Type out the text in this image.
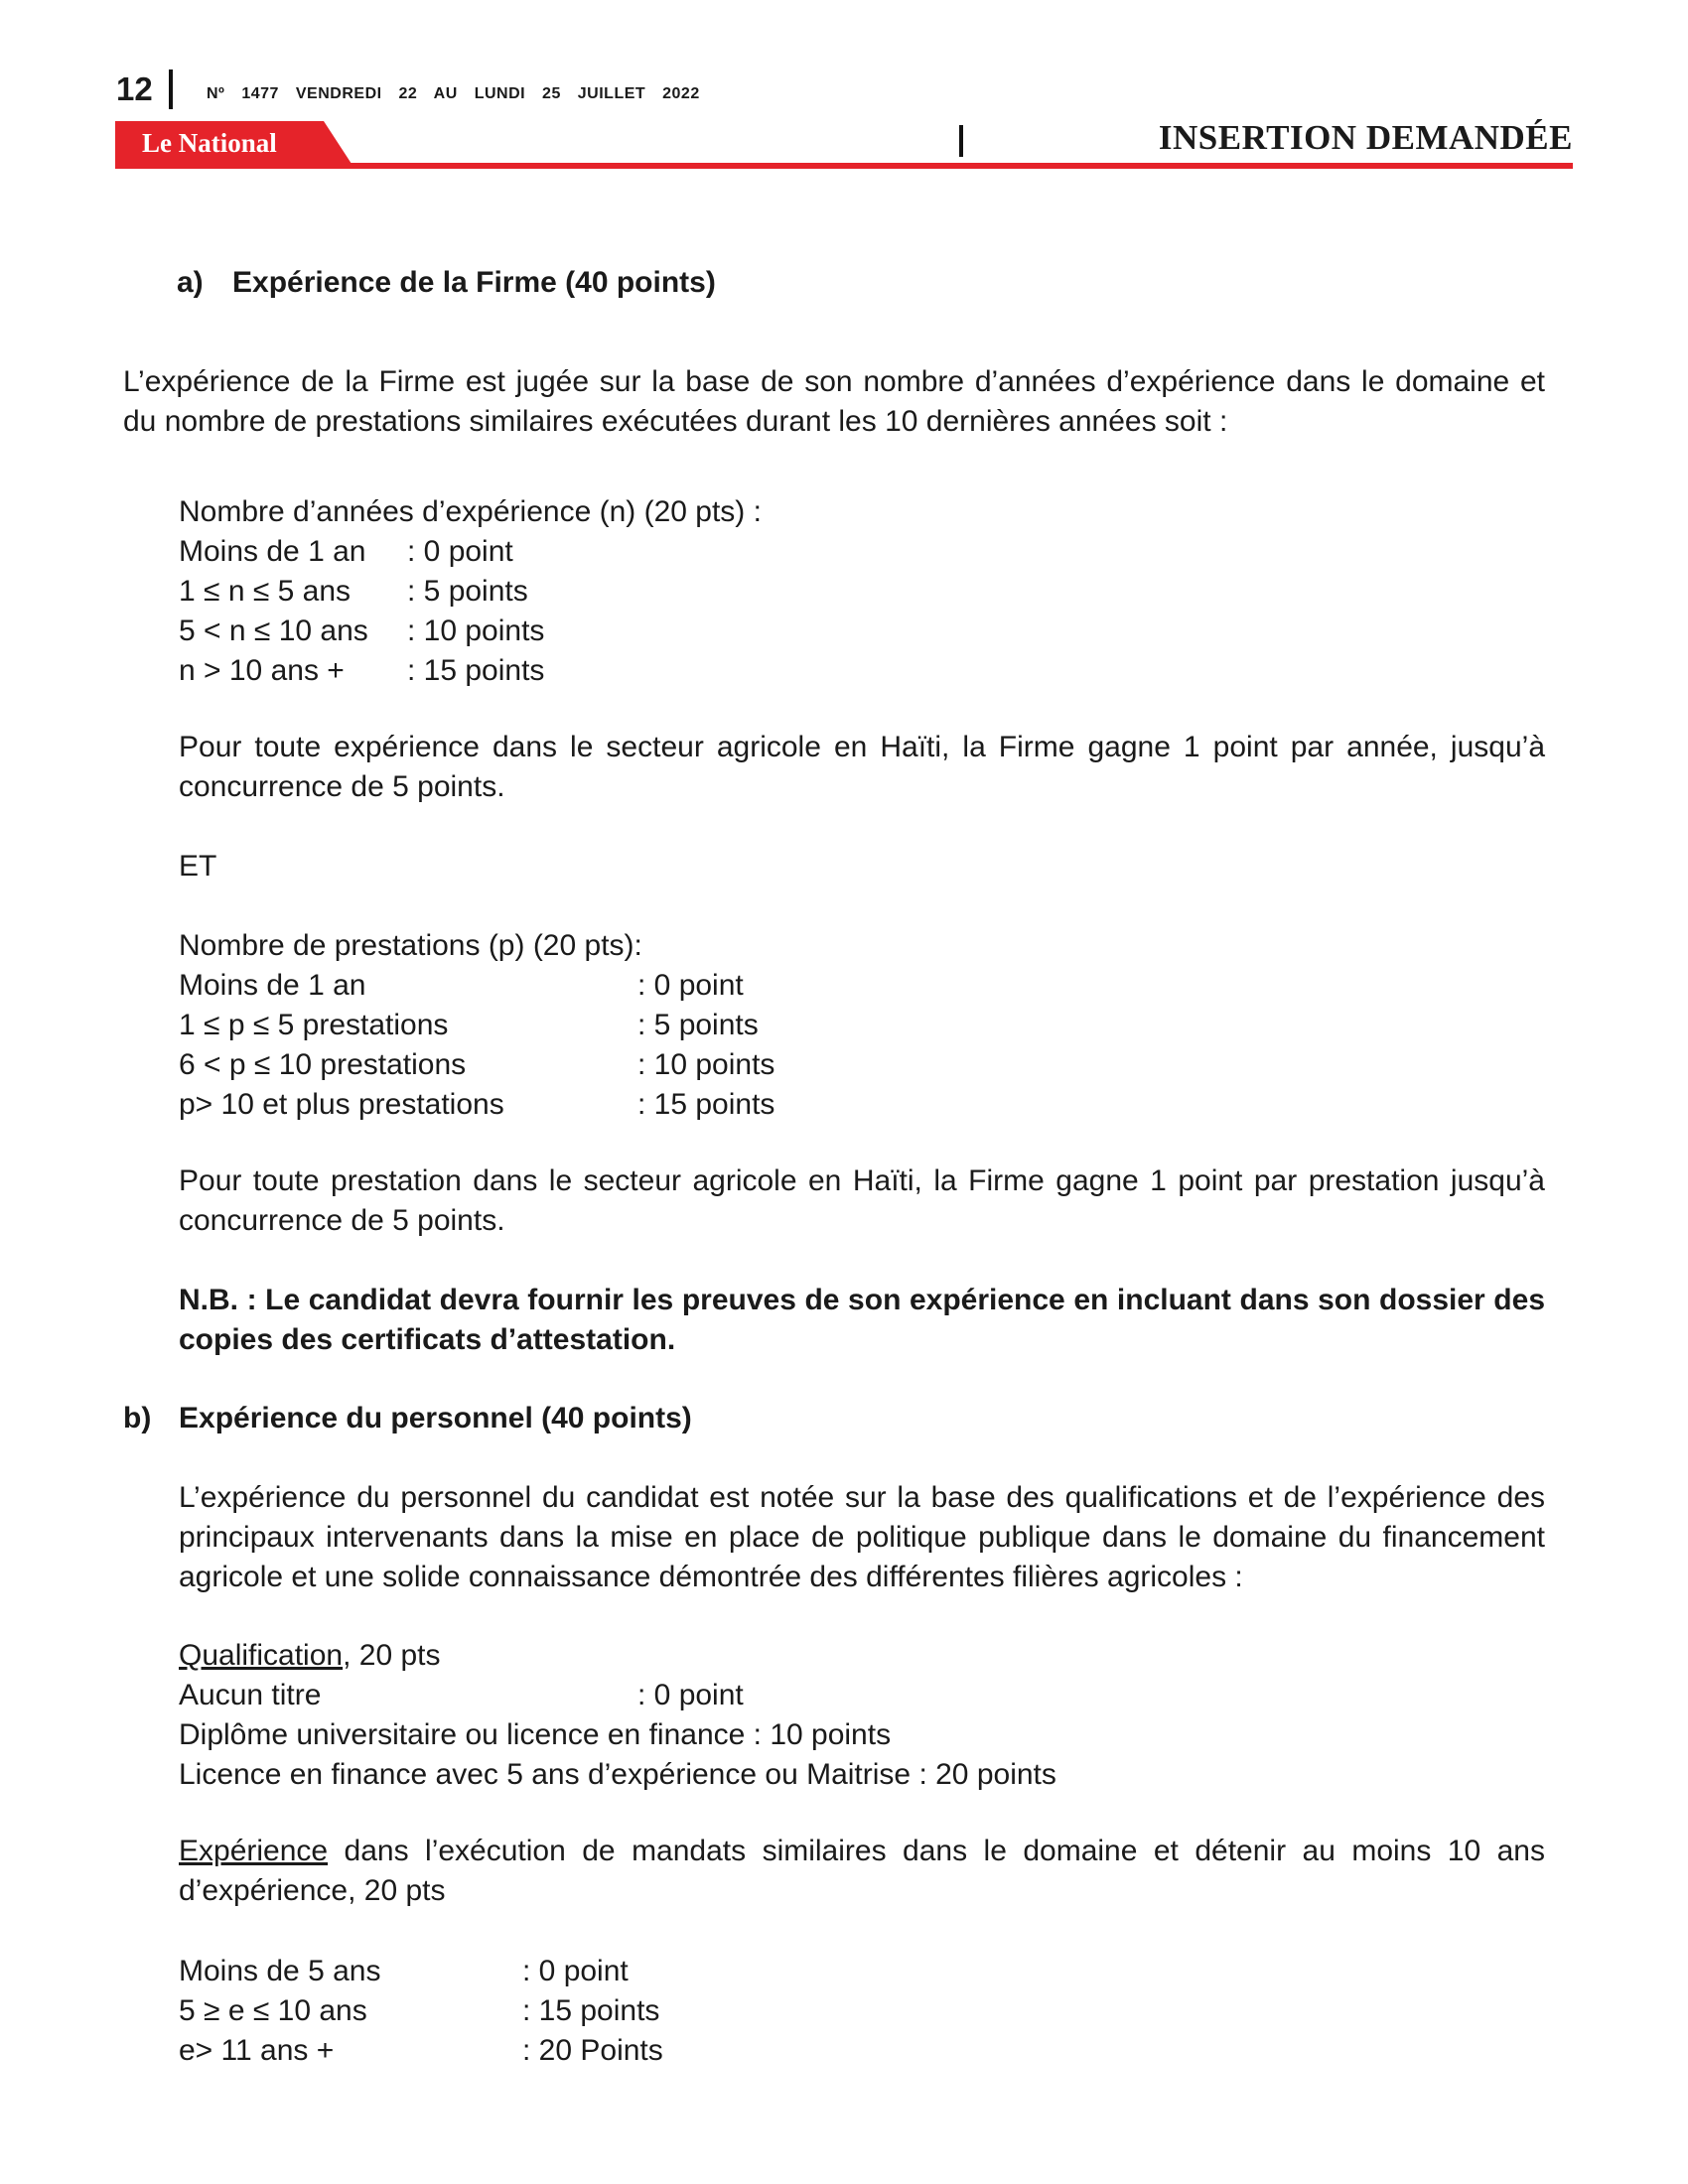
12	Nº 1477 VENDREDI 22 AU LUNDI 25 JUILLET 2022
Le National	INSERTION DEMANDÉE
a) Expérience de la Firme (40 points)
L’expérience de la Firme est jugée sur la base de son nombre d’années d’expérience dans le domaine et du nombre de prestations similaires exécutées durant les 10 dernières années soit :
Nombre d’années d’expérience (n) (20 pts) :
Moins de 1 an : 0 point
1 ≤ n ≤ 5 ans : 5 points
5 < n ≤ 10 ans : 10 points
n > 10 ans + : 15 points
Pour toute expérience dans le secteur agricole en Haïti, la Firme gagne 1 point par année, jusqu’à concurrence de 5 points.
ET
Nombre de prestations (p) (20 pts):
Moins de 1 an	: 0 point
1 ≤ p ≤ 5 prestations	: 5 points
6 < p ≤ 10 prestations	: 10 points
p> 10 et plus prestations	: 15 points
Pour toute prestation dans le secteur agricole en Haïti, la Firme gagne 1 point par prestation jusqu’à concurrence de 5 points.
N.B. : Le candidat devra fournir les preuves de son expérience en incluant dans son dossier des copies des certificats d’attestation.
b) Expérience du personnel (40 points)
L’expérience du personnel du candidat est notée sur la base des qualifications et de l’expérience des principaux intervenants dans la mise en place de politique publique dans le domaine du financement agricole et une solide connaissance démontrée des différentes filières agricoles :
Qualification, 20 pts
Aucun titre	: 0 point
Diplôme universitaire ou licence en finance : 10 points
Licence en finance avec 5 ans d’expérience ou Maitrise : 20 points
Expérience dans l’exécution de mandats similaires dans le domaine et détenir au moins 10 ans d’expérience, 20 pts
Moins de 5 ans	: 0 point
5 ≥ e ≤ 10 ans	: 15 points
e> 11 ans +	: 20 Points
